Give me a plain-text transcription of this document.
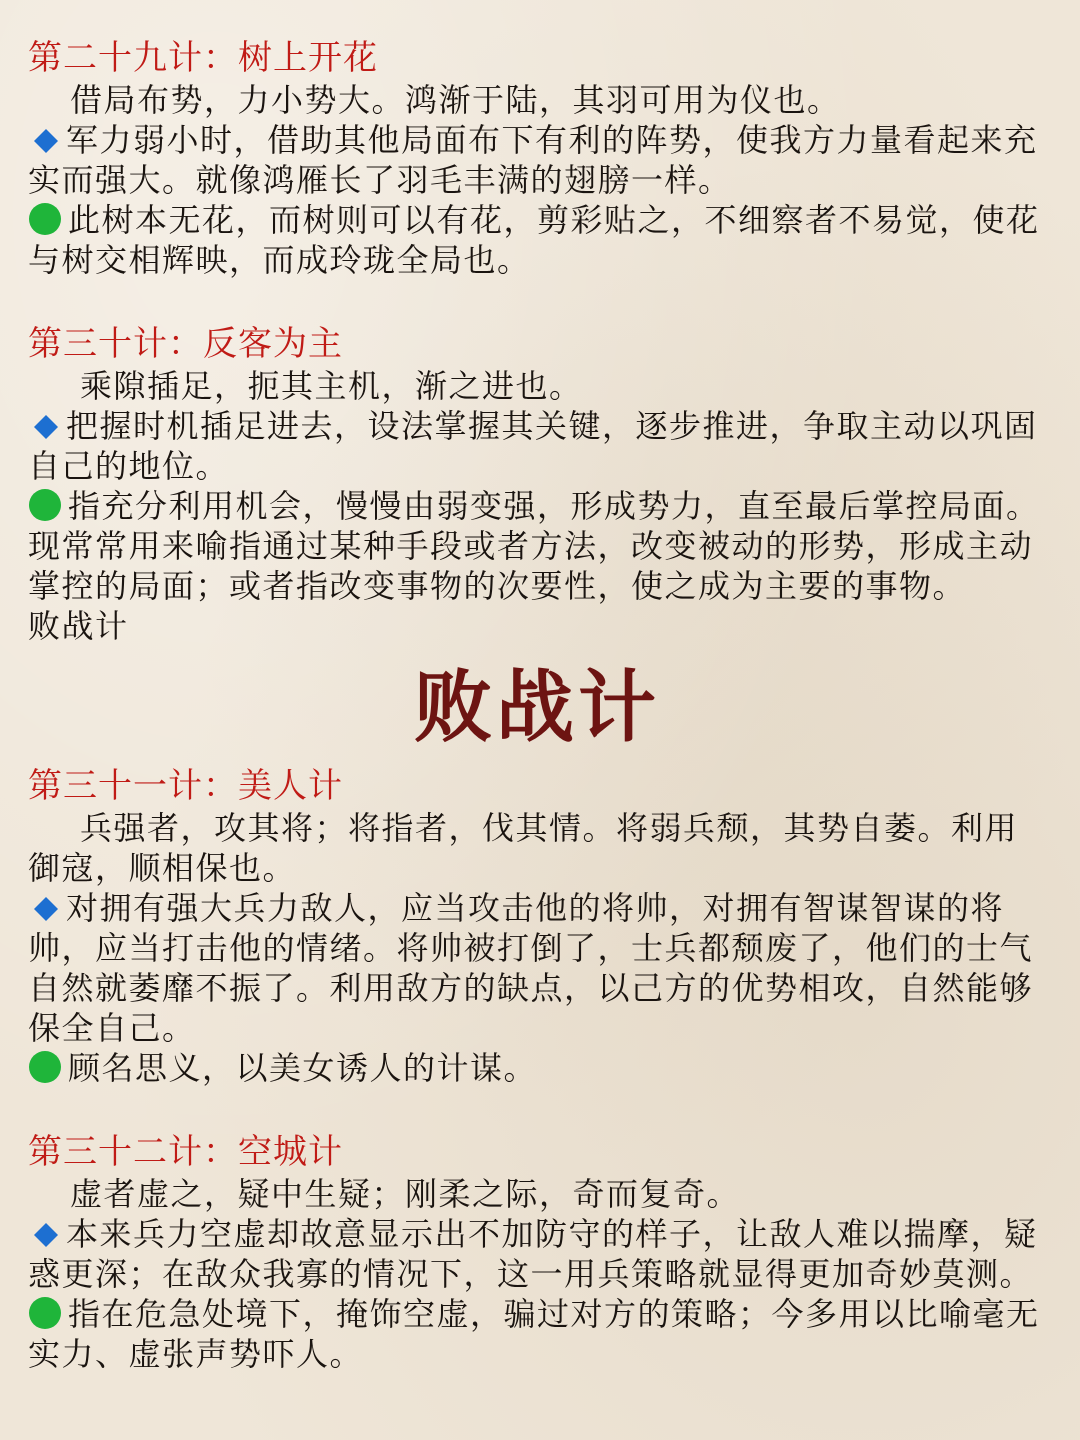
第二十九计：树上开花

借局布势，力小势大。鸿渐于陆，其羽可用为仪也。

军力弱小时，借助其他局面布下有利的阵势，使我方力量看起来充实而强大。就像鸿雁长了羽毛丰满的翅膀一样。

此树本无花，而树则可以有花，剪彩贴之，不细察者不易觉，使花与树交相辉映，而成玲珑全局也。

第三十计：反客为主

乘隙插足，扼其主机，渐之进也。

把握时机插足进去，设法掌握其关键，逐步推进，争取主动以巩固自己的地位。

指充分利用机会，慢慢由弱变强，形成势力，直至最后掌控局面。现常常用来喻指通过某种手段或者方法，改变被动的形势，形成主动掌控的局面；或者指改变事物的次要性，使之成为主要的事物。

败战计

败战计
第三十一计：美人计

兵强者，攻其将；将指者，伐其情。将弱兵颓，其势自萎。利用御寇，顺相保也。

对拥有强大兵力敌人，应当攻击他的将帅，对拥有智谋智谋的将帅，应当打击他的情绪。将帅被打倒了，士兵都颓废了，他们的士气自然就萎靡不振了。利用敌方的缺点，以己方的优势相攻，自然能够保全自己。

顾名思义，以美女诱人的计谋。

第三十二计：空城计

虚者虚之，疑中生疑；刚柔之际，奇而复奇。

本来兵力空虚却故意显示出不加防守的样子，让敌人难以揣摩，疑惑更深；在敌众我寡的情况下，这一用兵策略就显得更加奇妙莫测。

指在危急处境下，掩饰空虚，骗过对方的策略；今多用以比喻毫无实力、虚张声势吓人。
